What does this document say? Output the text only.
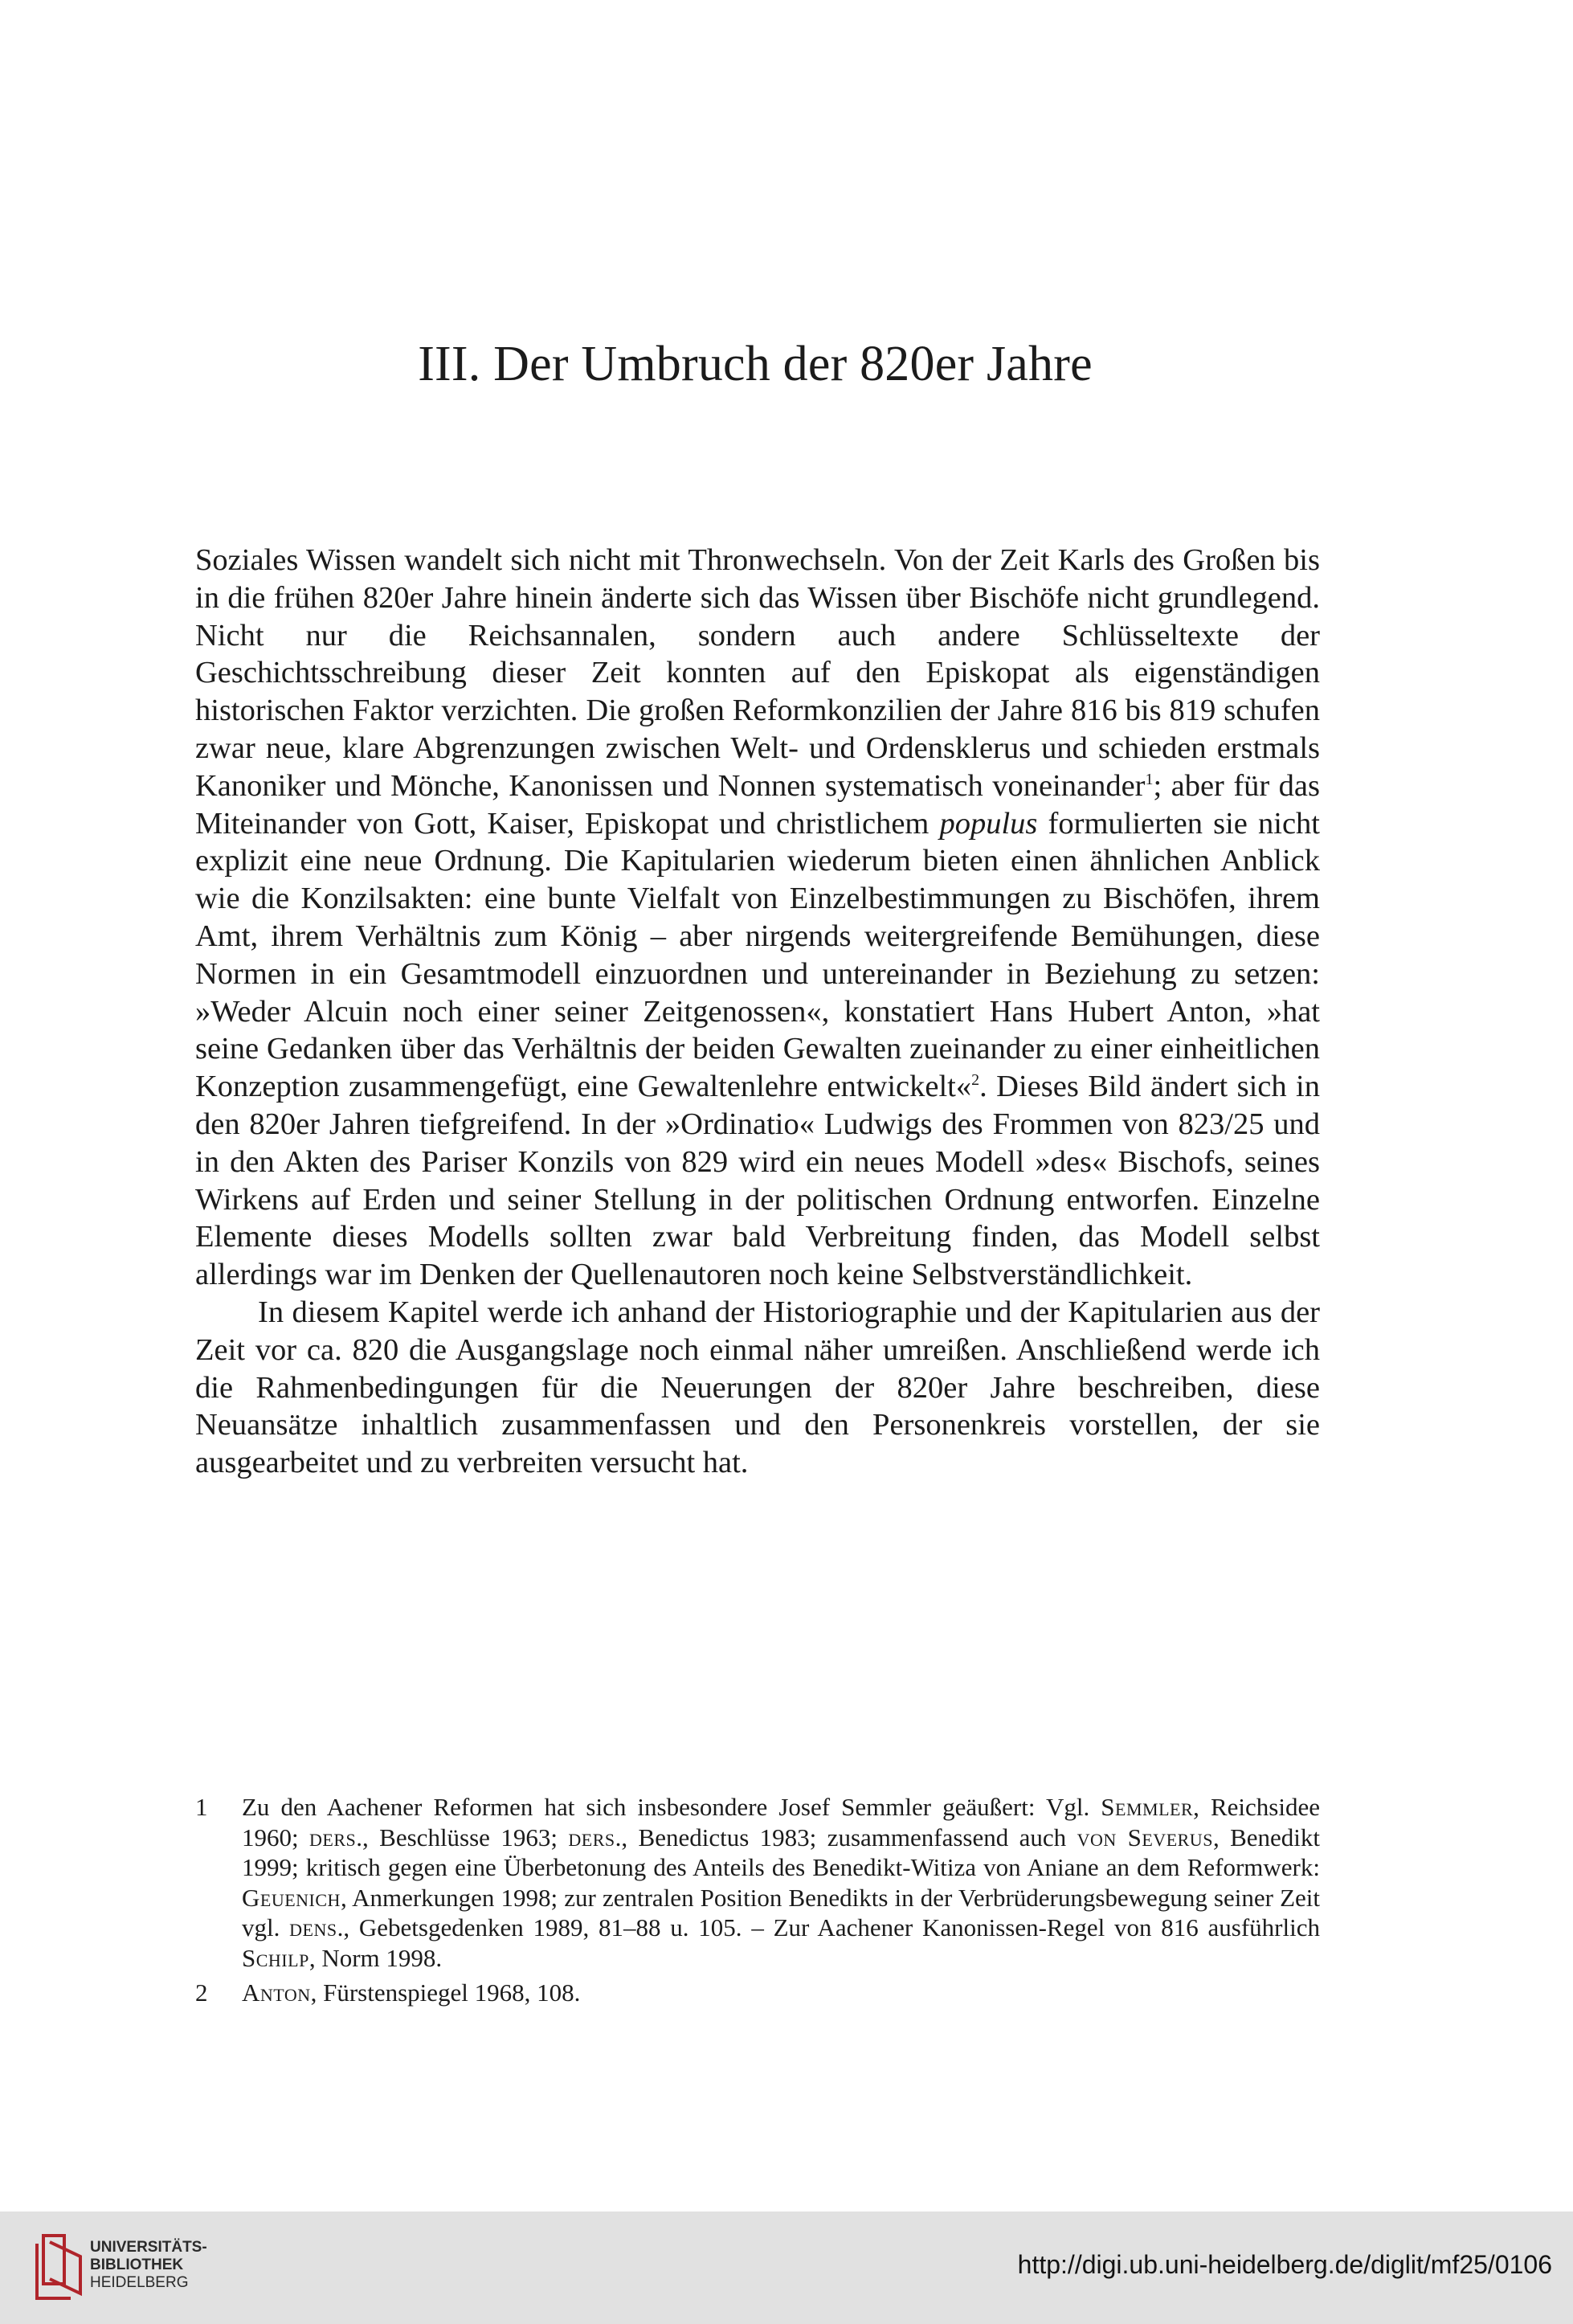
III. Der Umbruch der 820er Jahre

Soziales Wissen wandelt sich nicht mit Thronwechseln. Von der Zeit Karls des Großen bis in die frühen 820er Jahre hinein änderte sich das Wissen über Bischöfe nicht grundlegend. Nicht nur die Reichsannalen, sondern auch andere Schlüsseltexte der Geschichtsschreibung dieser Zeit konnten auf den Episkopat als eigenständigen historischen Faktor verzichten. Die großen Reformkonzilien der Jahre 816 bis 819 schufen zwar neue, klare Abgrenzungen zwischen Welt- und Ordensklerus und schieden erstmals Kanoniker und Mönche, Kanonissen und Nonnen systematisch voneinander$^1$; aber für das Miteinander von Gott, Kaiser, Episkopat und christlichem populus formulierten sie nicht explizit eine neue Ordnung. Die Kapitularien wiederum bieten einen ähnlichen Anblick wie die Konzilsakten: eine bunte Vielfalt von Einzelbestimmungen zu Bischöfen, ihrem Amt, ihrem Verhältnis zum König – aber nirgends weitergreifende Bemühungen, diese Normen in ein Gesamtmodell einzuordnen und untereinander in Beziehung zu setzen: »Weder Alcuin noch einer seiner Zeitgenossen«, konstatiert Hans Hubert Anton, »hat seine Gedanken über das Verhältnis der beiden Gewalten zueinander zu einer einheitlichen Konzeption zusammengefügt, eine Gewaltenlehre entwickelt«$^2$. Dieses Bild ändert sich in den 820er Jahren tiefgreifend. In der »Ordinatio« Ludwigs des Frommen von 823/25 und in den Akten des Pariser Konzils von 829 wird ein neues Modell »des« Bischofs, seines Wirkens auf Erden und seiner Stellung in der politischen Ordnung entworfen. Einzelne Elemente dieses Modells sollten zwar bald Verbreitung finden, das Modell selbst allerdings war im Denken der Quellenautoren noch keine Selbstverständlichkeit.

In diesem Kapitel werde ich anhand der Historiographie und der Kapitularien aus der Zeit vor ca. 820 die Ausgangslage noch einmal näher umreißen. Anschließend werde ich die Rahmenbedingungen für die Neuerungen der 820er Jahre beschreiben, diese Neuansätze inhaltlich zusammenfassen und den Personenkreis vorstellen, der sie ausgearbeitet und zu verbreiten versucht hat.

1	Zu den Aachener Reformen hat sich insbesondere Josef Semmler geäußert: Vgl. Semmler, Reichsidee 1960; ders., Beschlüsse 1963; ders., Benedictus 1983; zusammenfassend auch von Severus, Benedikt 1999; kritisch gegen eine Überbetonung des Anteils des Benedikt-Witiza von Aniane an dem Reformwerk: Geuenich, Anmerkungen 1998; zur zentralen Position Benedikts in der Verbrüderungsbewegung seiner Zeit vgl. dens., Gebetsgedenken 1989, 81–88 u. 105. – Zur Aachener Kanonissen-Regel von 816 ausführlich Schilp, Norm 1998.
2	Anton, Fürstenspiegel 1968, 108.
UNIVERSITÄTS-
BIBLIOTHEK
HEIDELBERG
http://digi.ub.uni-heidelberg.de/diglit/mf25/0106
